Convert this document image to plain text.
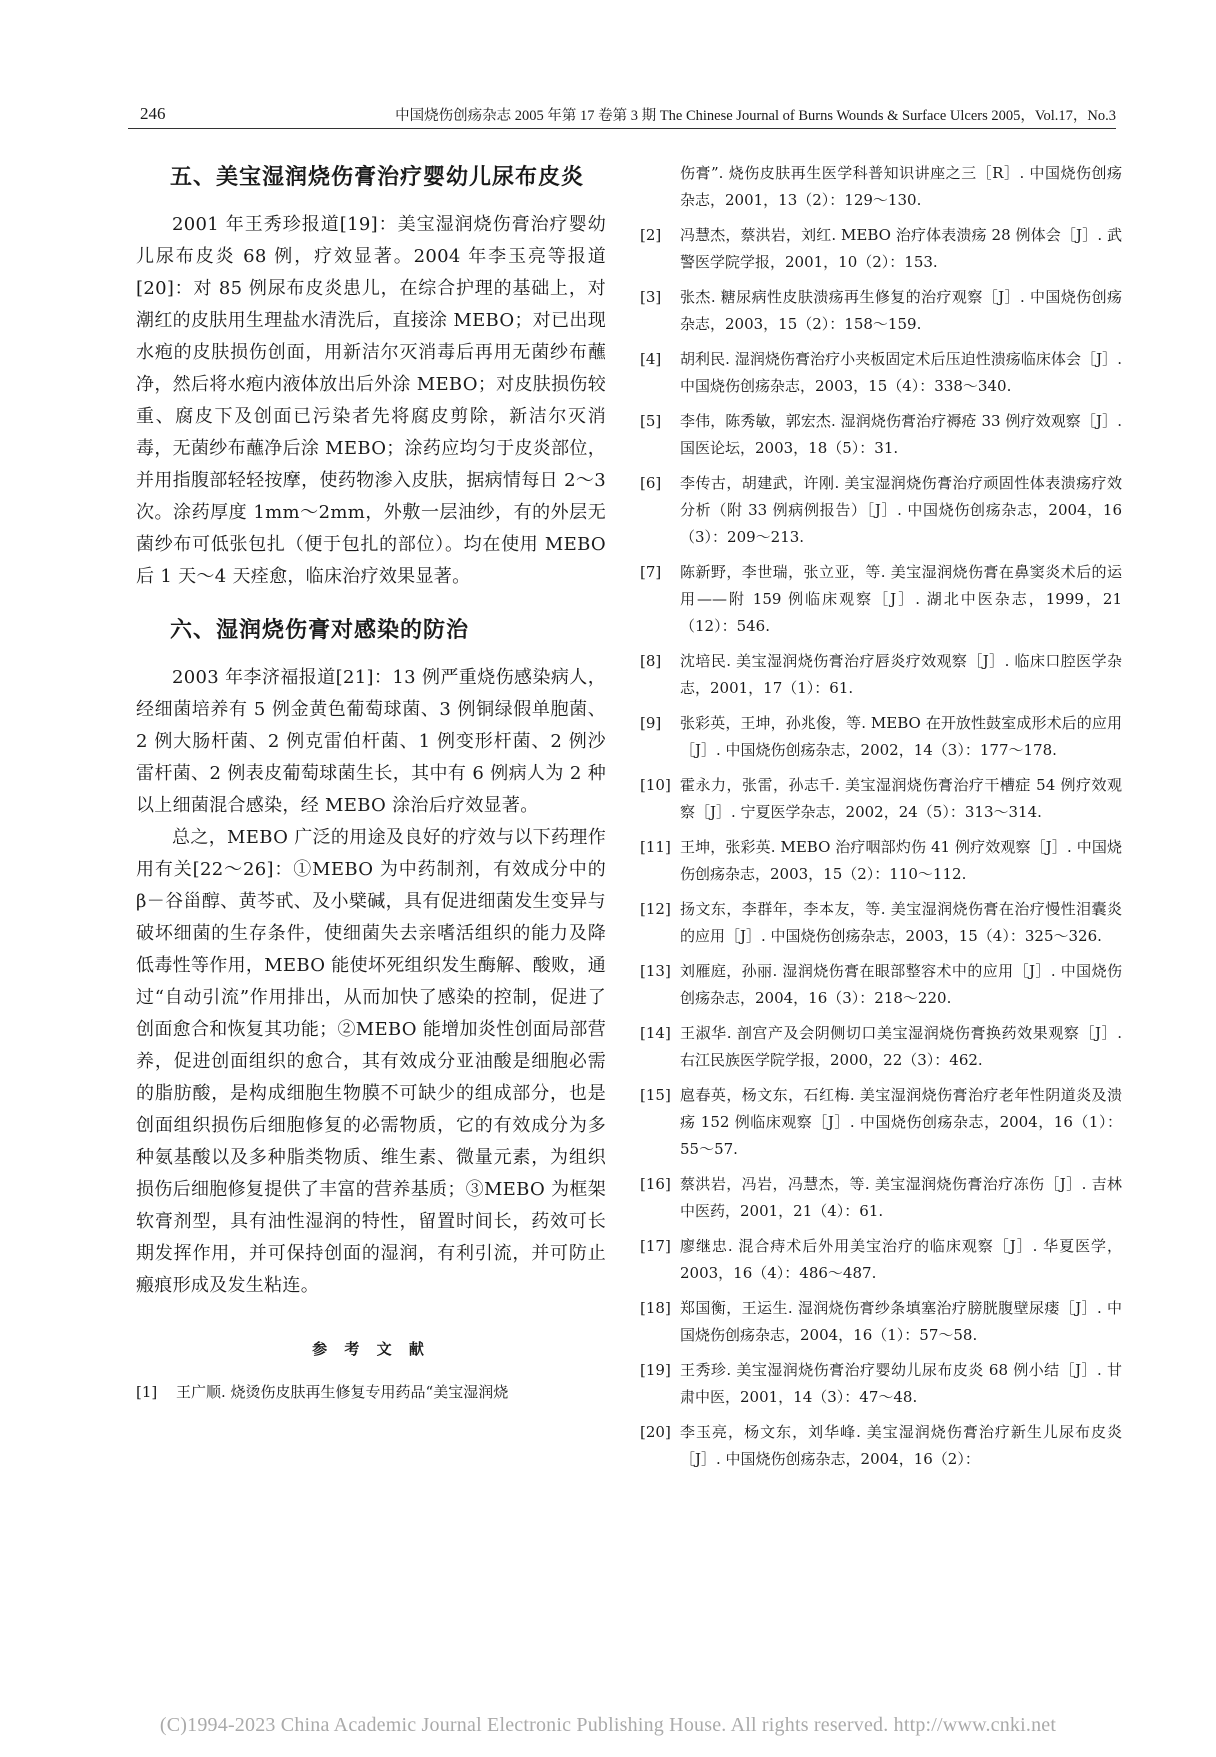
246	中国烧伤创疡杂志 2005 年第 17 卷第 3 期 The Chinese Journal of Burns Wounds & Surface Ulcers 2005，Vol.17，No.3
五、美宝湿润烧伤膏治疗婴幼儿尿布皮炎

2001 年王秀珍报道[19]：美宝湿润烧伤膏治疗婴幼儿尿布皮炎 68 例，疗效显著。2004 年李玉亮等报道[20]：对 85 例尿布皮炎患儿，在综合护理的基础上，对潮红的皮肤用生理盐水清洗后，直接涂 MEBO；对已出现水疱的皮肤损伤创面，用新洁尔灭消毒后再用无菌纱布蘸净，然后将水疱内液体放出后外涂 MEBO；对皮肤损伤较重、腐皮下及创面已污染者先将腐皮剪除，新洁尔灭消毒，无菌纱布蘸净后涂 MEBO；涂药应均匀于皮炎部位，并用指腹部轻轻按摩，使药物渗入皮肤，据病情每日 2～3 次。涂药厚度 1mm～2mm，外敷一层油纱，有的外层无菌纱布可低张包扎（便于包扎的部位）。均在使用 MEBO 后 1 天～4 天痊愈，临床治疗效果显著。

六、湿润烧伤膏对感染的防治

2003 年李济福报道[21]：13 例严重烧伤感染病人，经细菌培养有 5 例金黄色葡萄球菌、3 例铜绿假单胞菌、2 例大肠杆菌、2 例克雷伯杆菌、1 例变形杆菌、2 例沙雷杆菌、2 例表皮葡萄球菌生长，其中有 6 例病人为 2 种以上细菌混合感染，经 MEBO 涂治后疗效显著。

总之，MEBO 广泛的用途及良好的疗效与以下药理作用有关[22～26]：①MEBO 为中药制剂，有效成分中的 β－谷甾醇、黄芩甙、及小檗碱，具有促进细菌发生变异与破坏细菌的生存条件，使细菌失去亲嗜活组织的能力及降低毒性等作用，MEBO 能使坏死组织发生酶解、酸败，通过“自动引流”作用排出，从而加快了感染的控制，促进了创面愈合和恢复其功能；②MEBO 能增加炎性创面局部营养，促进创面组织的愈合，其有效成分亚油酸是细胞必需的脂肪酸，是构成细胞生物膜不可缺少的组成部分，也是创面组织损伤后细胞修复的必需物质，它的有效成分为多种氨基酸以及多种脂类物质、维生素、微量元素，为组织损伤后细胞修复提供了丰富的营养基质；③MEBO 为框架软膏剂型，具有油性湿润的特性，留置时间长，药效可长期发挥作用，并可保持创面的湿润，有利引流，并可防止瘢痕形成及发生粘连。

参 考 文 献
[1] 王广顺. 烧烫伤皮肤再生修复专用药品“美宝湿润烧
伤膏”. 烧伤皮肤再生医学科普知识讲座之三［R］. 中国烧伤创疡杂志，2001，13（2）：129～130.
[2] 冯慧杰，蔡洪岩，刘红. MEBO 治疗体表溃疡 28 例体会［J］. 武警医学院学报，2001，10（2）：153.
[3] 张杰. 糖尿病性皮肤溃疡再生修复的治疗观察［J］. 中国烧伤创疡杂志，2003，15（2）：158～159.
[4] 胡利民. 湿润烧伤膏治疗小夹板固定术后压迫性溃疡临床体会［J］. 中国烧伤创疡杂志，2003，15（4）：338～340.
[5] 李伟，陈秀敏，郭宏杰. 湿润烧伤膏治疗褥疮 33 例疗效观察［J］. 国医论坛，2003，18（5）：31.
[6] 李传古，胡建武，许刚. 美宝湿润烧伤膏治疗顽固性体表溃疡疗效分析（附 33 例病例报告）［J］. 中国烧伤创疡杂志，2004，16（3）：209～213.
[7] 陈新野，李世瑞，张立亚，等. 美宝湿润烧伤膏在鼻窦炎术后的运用——附 159 例临床观察［J］. 湖北中医杂志，1999，21（12）：546.
[8] 沈培民. 美宝湿润烧伤膏治疗唇炎疗效观察［J］. 临床口腔医学杂志，2001，17（1）：61.
[9] 张彩英，王坤，孙兆俊，等. MEBO 在开放性鼓室成形术后的应用［J］. 中国烧伤创疡杂志，2002，14（3）：177～178.
[10] 霍永力，张雷，孙志千. 美宝湿润烧伤膏治疗干槽症 54 例疗效观察［J］. 宁夏医学杂志，2002，24（5）：313～314.
[11] 王坤，张彩英. MEBO 治疗咽部灼伤 41 例疗效观察［J］. 中国烧伤创疡杂志，2003，15（2）：110～112.
[12] 扬文东，李群年，李本友，等. 美宝湿润烧伤膏在治疗慢性泪囊炎的应用［J］. 中国烧伤创疡杂志，2003，15（4）：325～326.
[13] 刘雁庭，孙丽. 湿润烧伤膏在眼部整容术中的应用［J］. 中国烧伤创疡杂志，2004，16（3）：218～220.
[14] 王淑华. 剖宫产及会阴侧切口美宝湿润烧伤膏换药效果观察［J］. 右江民族医学院学报，2000，22（3）：462.
[15] 扈春英，杨文东，石红梅. 美宝湿润烧伤膏治疗老年性阴道炎及溃疡 152 例临床观察［J］. 中国烧伤创疡杂志，2004，16（1）：55～57.
[16] 蔡洪岩，冯岩，冯慧杰，等. 美宝湿润烧伤膏治疗冻伤［J］. 吉林中医药，2001，21（4）：61.
[17] 廖继忠. 混合痔术后外用美宝治疗的临床观察［J］. 华夏医学，2003，16（4）：486～487.
[18] 郑国衡，王运生. 湿润烧伤膏纱条填塞治疗膀胱腹壁尿瘘［J］. 中国烧伤创疡杂志，2004，16（1）：57～58.
[19] 王秀珍. 美宝湿润烧伤膏治疗婴幼儿尿布皮炎 68 例小结［J］. 甘肃中医，2001，14（3）：47～48.
[20] 李玉亮，杨文东，刘华峰. 美宝湿润烧伤膏治疗新生儿尿布皮炎［J］. 中国烧伤创疡杂志，2004，16（2）：
(C)1994-2023 China Academic Journal Electronic Publishing House. All rights reserved. http://www.cnki.net
